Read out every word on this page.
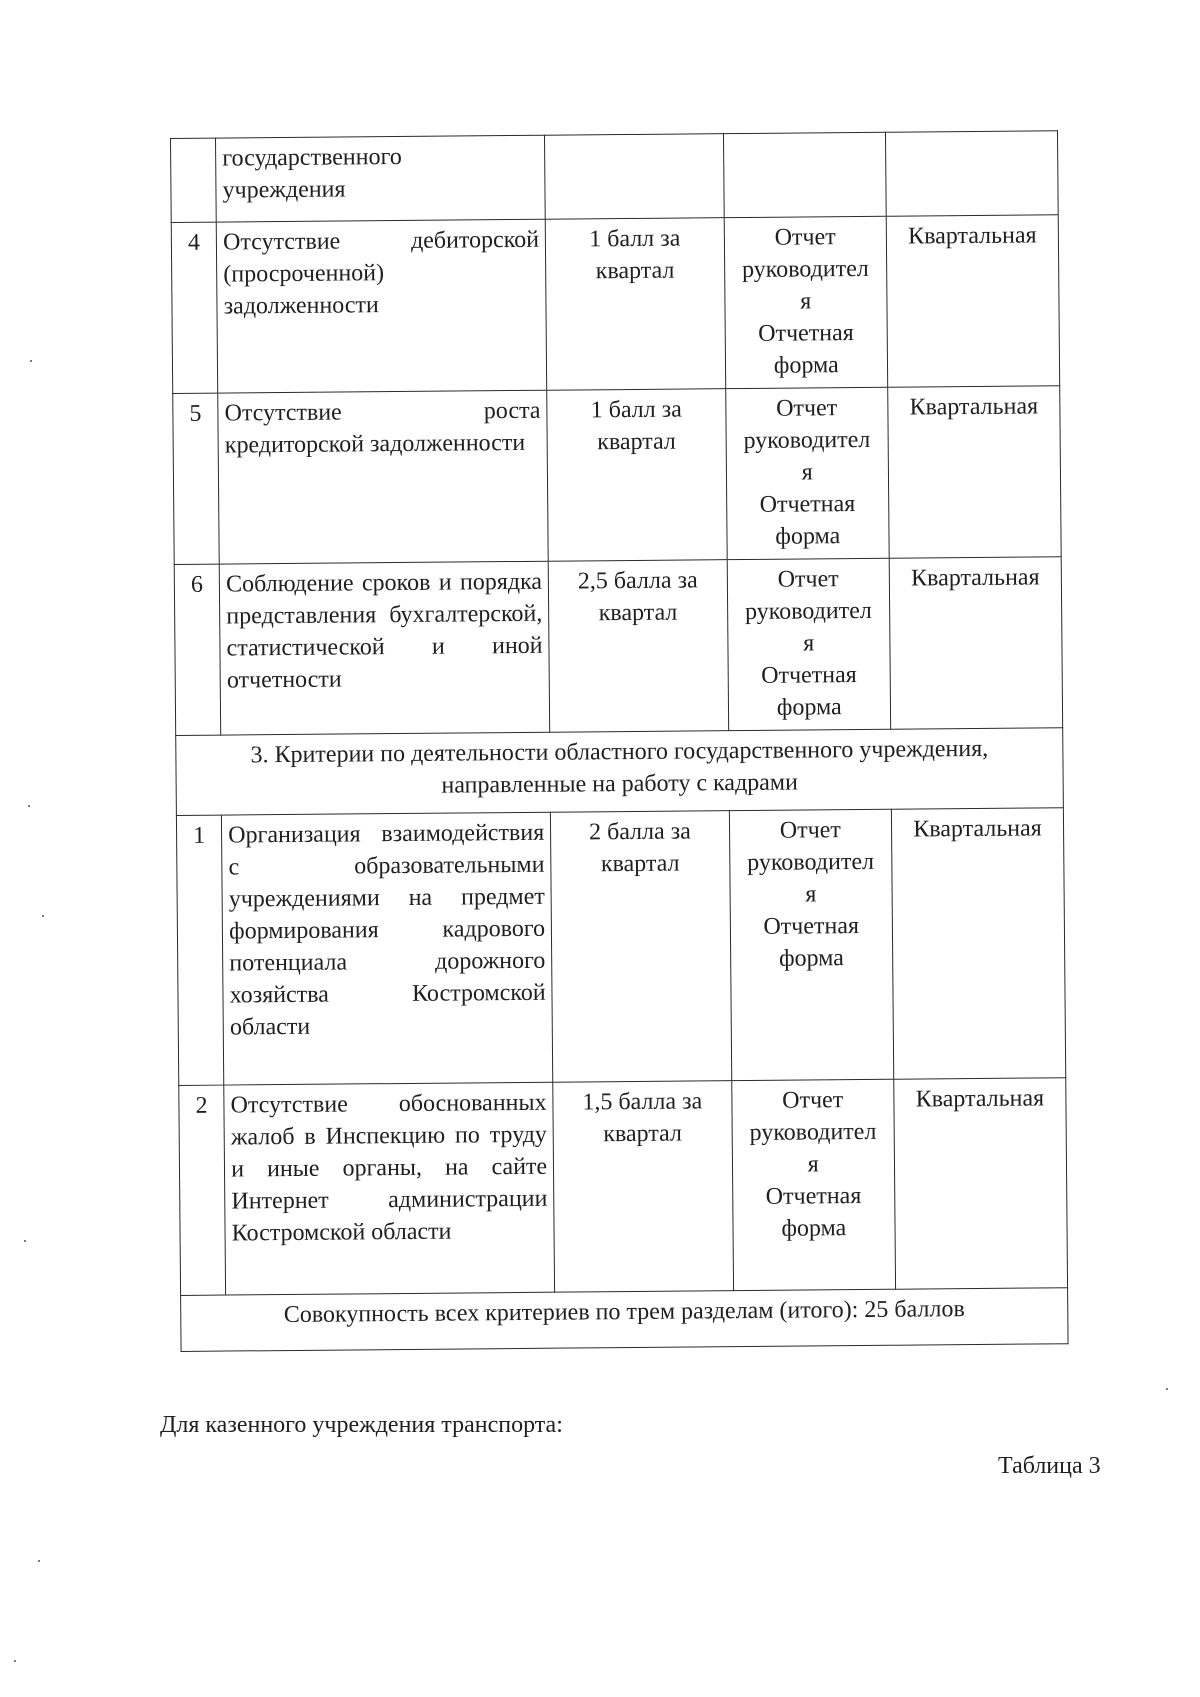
	государственного
учреждения			

4	Отсутствие дебиторской (просроченной) задолженности	1 балл за квартал	Отчет
руководител
я
Отчетная
форма	Квартальная
5	Отсутствие роста кредиторской задолженности	1 балл за квартал	Отчет
руководител
я
Отчетная
форма	Квартальная
6	Соблюдение сроков и порядка представления бухгалтерской, статистической и иной отчетности	2,5 балла за квартал	Отчет
руководител
я
Отчетная
форма	Квартальная
3. Критерии по деятельности областного государственного учреждения, направленные на работу с кадрами				
1	Организация взаимодействия с образовательными учреждениями на предмет формирования кадрового потенциала дорожного хозяйства Костромской области	2 балла за квартал	Отчет
руководител
я
Отчетная
форма	Квартальная
2	Отсутствие обоснованных жалоб в Инспекцию по труду и иные органы, на сайте Интернет администрации Костромской области	1,5 балла за квартал	Отчет
руководител
я
Отчетная
форма	Квартальная
Совокупность всех критериев по трем разделам (итого): 25 баллов				
Для казенного учреждения транспорта:
Таблица 3
